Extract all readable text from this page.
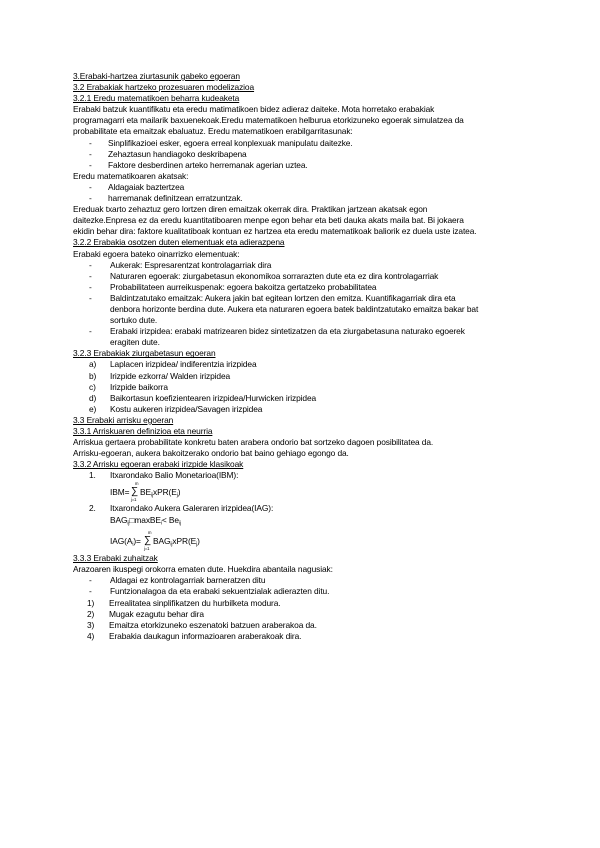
3.Erabaki-hartzea ziurtasunik gabeko egoeran
3.2 Erabakiak hartzeko prozesuaren modelizazioa
3.2.1 Eredu matematikoen beharra kudeaketa
Erabaki batzuk kuantifikatu eta eredu matimatikoen bidez adieraz daiteke. Mota horretako erabakiak
programagarri eta mailarik baxuenekoak.Eredu matematikoen helburua etorkizuneko egoerak simulatzea da
probabilitate eta emaitzak ebaluatuz. Eredu matematikoen erabilgarritasunak:
- Sinplifikazioei esker, egoera erreal konplexuak manipulatu daitezke.
- Zehaztasun handiagoko deskribapena
- Faktore desberdinen arteko herremanak agerian uztea.
Eredu matematikoaren akatsak:
- Aldagaiak baztertzea
- harremanak definitzean erratzuntzak.
Ereduak txarto zehaztuz gero lortzen diren emaitzak okerrak dira. Praktikan jartzean akatsak egon
daitezke.Enpresa ez da eredu kuantitatiboaren menpe egon behar eta beti dauka akats maila bat. Bi jokaera
ekidin behar dira: faktore kualitatiboak kontuan ez hartzea eta eredu matematikoak baliorik ez duela uste izatea.
3.2.2 Erabakia osotzen duten elementuak eta adierazpena
Erabaki egoera bateko oinarrizko elementuak:
- Aukerak: Espresarentzat kontrolagarriak dira
- Naturaren egoerak: ziurgabetasun ekonomikoa sorrarazten dute eta ez dira kontrolagarriak
- Probabilitateen aurreikuspenak: egoera bakoitza gertatzeko probabilitatea
- Baldintzatutako emaitzak: Aukera jakin bat egitean lortzen den emitza. Kuantifikagarriak dira eta
denbora horizonte berdina dute. Aukera eta naturaren egoera batek baldintzatutako emaitza bakar bat
sortuko dute.
- Erabaki irizpidea: erabaki matrizearen bidez sintetizatzen da eta ziurgabetasuna naturako egoerek
eragiten dute.
3.2.3 Erabakiak ziurgabetasun egoeran
a) Laplacen irizpidea/ indiferentzia irizpidea
b) Irizpide ezkorra/ Walden irizpidea
c) Irizpide baikorra
d) Baikortasun koefizientearen irizpidea/Hurwicken irizpidea
e) Kostu aukeren irizpidea/Savagen irizpidea
3.3 Erabaki arrisku egoeran
3.3.1 Arriskuaren definizioa eta neurria
Arriskua gertaera probabilitate konkretu baten arabera ondorio bat sortzeko dagoen posibilitatea da.
Arrisku-egoeran, aukera bakoitzerako ondorio bat baino gehiago egongo da.
3.3.2 Arrisku egoeran erabaki irizpide klasikoak
1. Itxarondako Balio Monetarioa(IBM):
m
IBM= ∑ $BE_{ij}xPR(E_j)$
j=1
2. Itxarondako Aukera Galeraren irizpidea(IAG):
$BAG_{ij}□maxBE_i< Be_{ij}$
m
$IAG(A_i)=$ ∑ $BAG_{ij}xPR(E_j)$
j=1
3.3.3 Erabaki zuhaitzak
Arazoaren ikuspegi orokorra ematen dute. Huekdira abantaila nagusiak:
- Aldagai ez kontrolagarriak barneratzen ditu
- Funtzionalagoa da eta erabaki sekuentzialak adierazten ditu.
1) Errealitatea sinplifikatzen du hurbilketa modura.
2) Mugak ezagutu behar dira
3) Emaitza etorkizuneko eszenatoki batzuen araberakoa da.
4) Erabakia daukagun informazioaren araberakoak dira.
